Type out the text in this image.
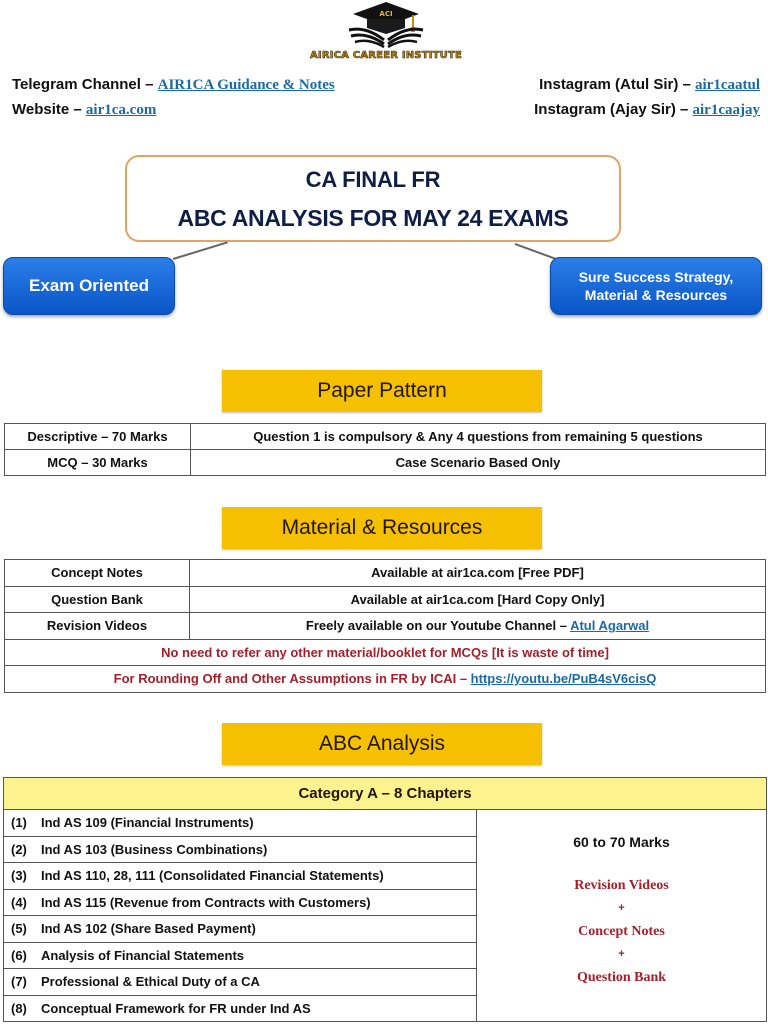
ACI
AIRICA CAREER INSTITUTE
Telegram Channel – AIR1CA Guidance & Notes
Website – air1ca.com
Instagram (Atul Sir) – air1caatul
Instagram (Ajay Sir) – air1caajay
CA FINAL FR
ABC ANALYSIS FOR MAY 24 EXAMS
Exam Oriented	Sure Success Strategy,
Material & Resources
Paper Pattern
Descriptive – 70 Marks	Question 1 is compulsory & Any 4 questions from remaining 5 questions
MCQ – 30 Marks	Case Scenario Based Only
Material & Resources
Concept Notes	Available at air1ca.com [Free PDF]
Question Bank	Available at air1ca.com [Hard Copy Only]
Revision Videos	Freely available on our Youtube Channel – Atul Agarwal
No need to refer any other material/booklet for MCQs [It is waste of time]	
For Rounding Off and Other Assumptions in FR by ICAI – https://youtu.be/PuB4sV6cisQ	
ABC Analysis
Category A – 8 Chapters
(1) Ind AS 109 (Financial Instruments)	
60 to 70 Marks
Revision Videos
+
Concept Notes
+
Question Bank

(2) Ind AS 103 (Business Combinations)
(3) Ind AS 110, 28, 111 (Consolidated Financial Statements)
(4) Ind AS 115 (Revenue from Contracts with Customers)
(5) Ind AS 102 (Share Based Payment)
(6) Analysis of Financial Statements
(7) Professional & Ethical Duty of a CA
(8) Conceptual Framework for FR under Ind AS
